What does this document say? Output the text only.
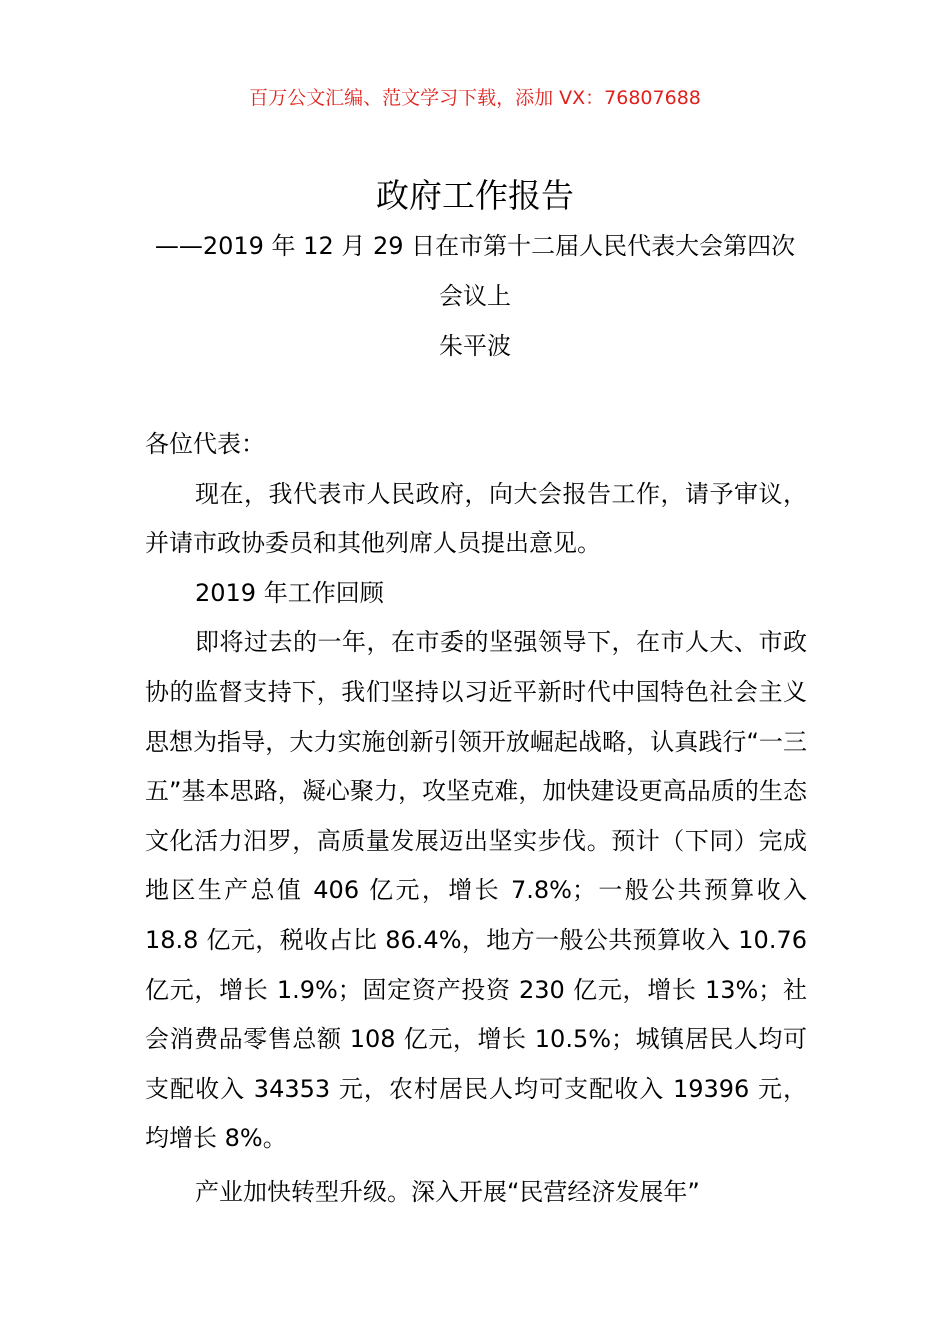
百万公文汇编、范文学习下载，添加 VX：76807688
政府工作报告
——2019 年 12 月 29 日在市第十二届人民代表大会第四次
会议上
朱平波

各位代表：

现在，我代表市人民政府，向大会报告工作，请予审议，并请市政协委员和其他列席人员提出意见。

2019 年工作回顾

即将过去的一年，在市委的坚强领导下，在市人大、市政协的监督支持下，我们坚持以习近平新时代中国特色社会主义思想为指导，大力实施创新引领开放崛起战略，认真践行“一三五”基本思路，凝心聚力，攻坚克难，加快建设更高品质的生态文化活力汨罗，高质量发展迈出坚实步伐。预计（下同）完成地区生产总值 406 亿元，增长 7.8%；一般公共预算收入 18.8 亿元，税收占比 86.4%，地方一般公共预算收入 10.76 亿元，增长 1.9%；固定资产投资 230 亿元，增长 13%；社会消费品零售总额 108 亿元，增长 10.5%；城镇居民人均可支配收入 34353 元，农村居民人均可支配收入 19396 元，均增长 8%。

产业加快转型升级。深入开展“民营经济发展年”
